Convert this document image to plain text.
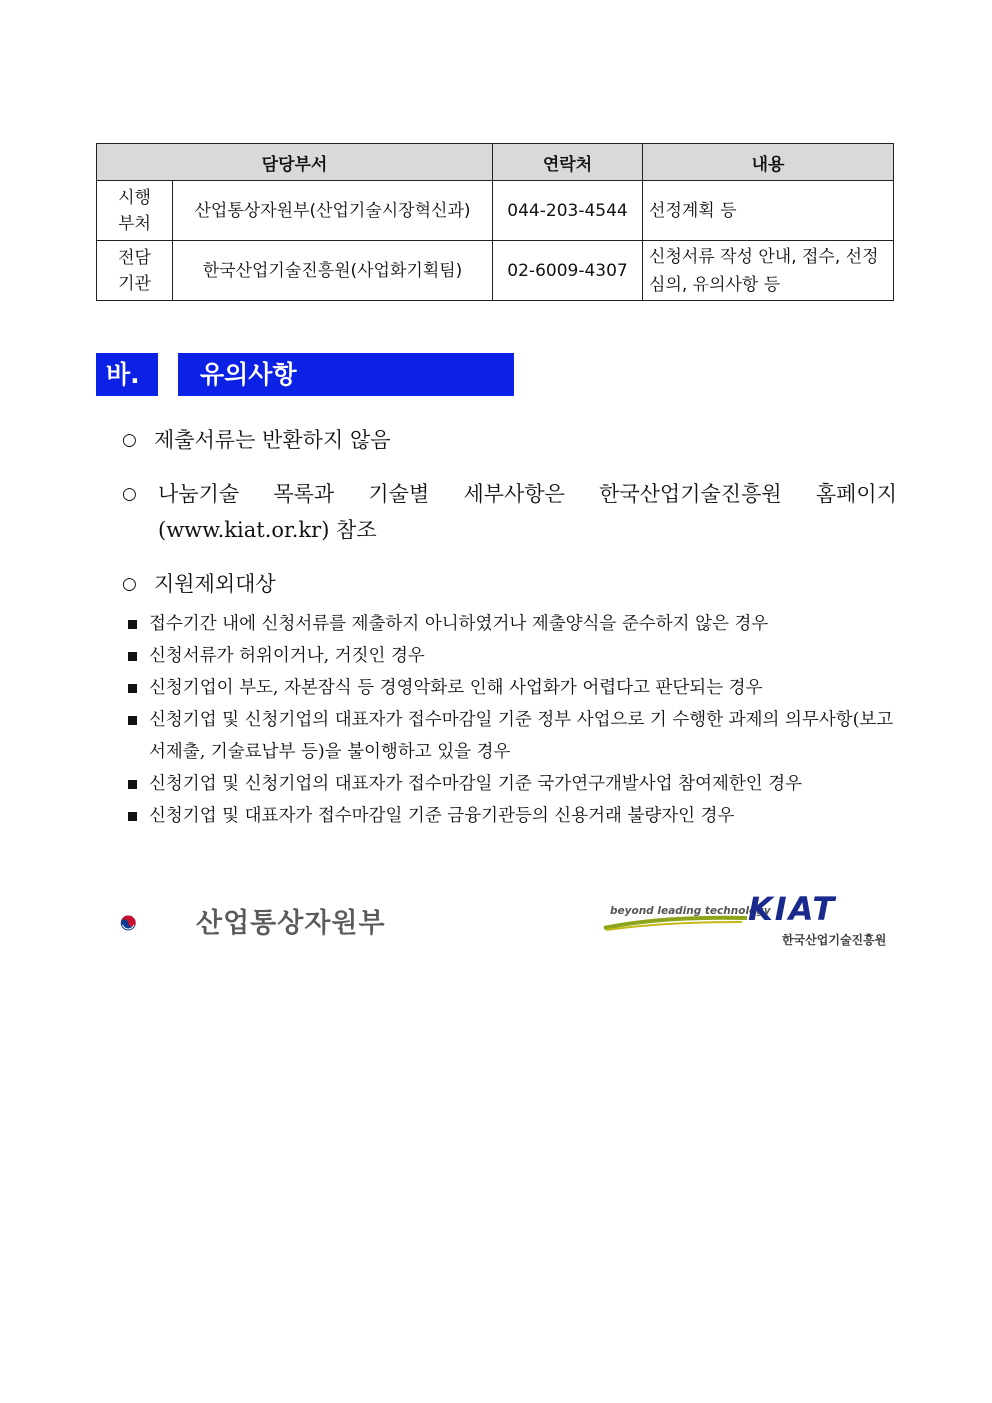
담당부서		연락처	내용

시행
부처	산업통상자원부(산업기술시장혁신과)	044-203-4544	선정계획 등

전담
기관	한국산업기술진흥원(사업화기획팀)	02-6009-4307	신청서류 작성 안내, 접수, 선정심의, 유의사항 등
바.	유의사항
○ 제출서류는 반환하지 않음
○	나눔기술 목록과 기술별 세부사항은 한국산업기술진흥원 홈페이지
(www.kiat.or.kr) 참조
○ 지원제외대상
접수기간 내에 신청서류를 제출하지 아니하였거나 제출양식을 준수하지 않은 경우
신청서류가 허위이거나, 거짓인 경우
신청기업이 부도, 자본잠식 등 경영악화로 인해 사업화가 어렵다고 판단되는 경우
신청기업 및 신청기업의 대표자가 접수마감일 기준 정부 사업으로 기 수행한 과제의 의무사항(보고서제출, 기술료납부 등)을 불이행하고 있을 경우
신청기업 및 신청기업의 대표자가 접수마감일 기준 국가연구개발사업 참여제한인 경우
신청기업 및 대표자가 접수마감일 기준 금융기관등의 신용거래 불량자인 경우
산업통상자원부	beyond leading technology
KIAT
한국산업기술진흥원
